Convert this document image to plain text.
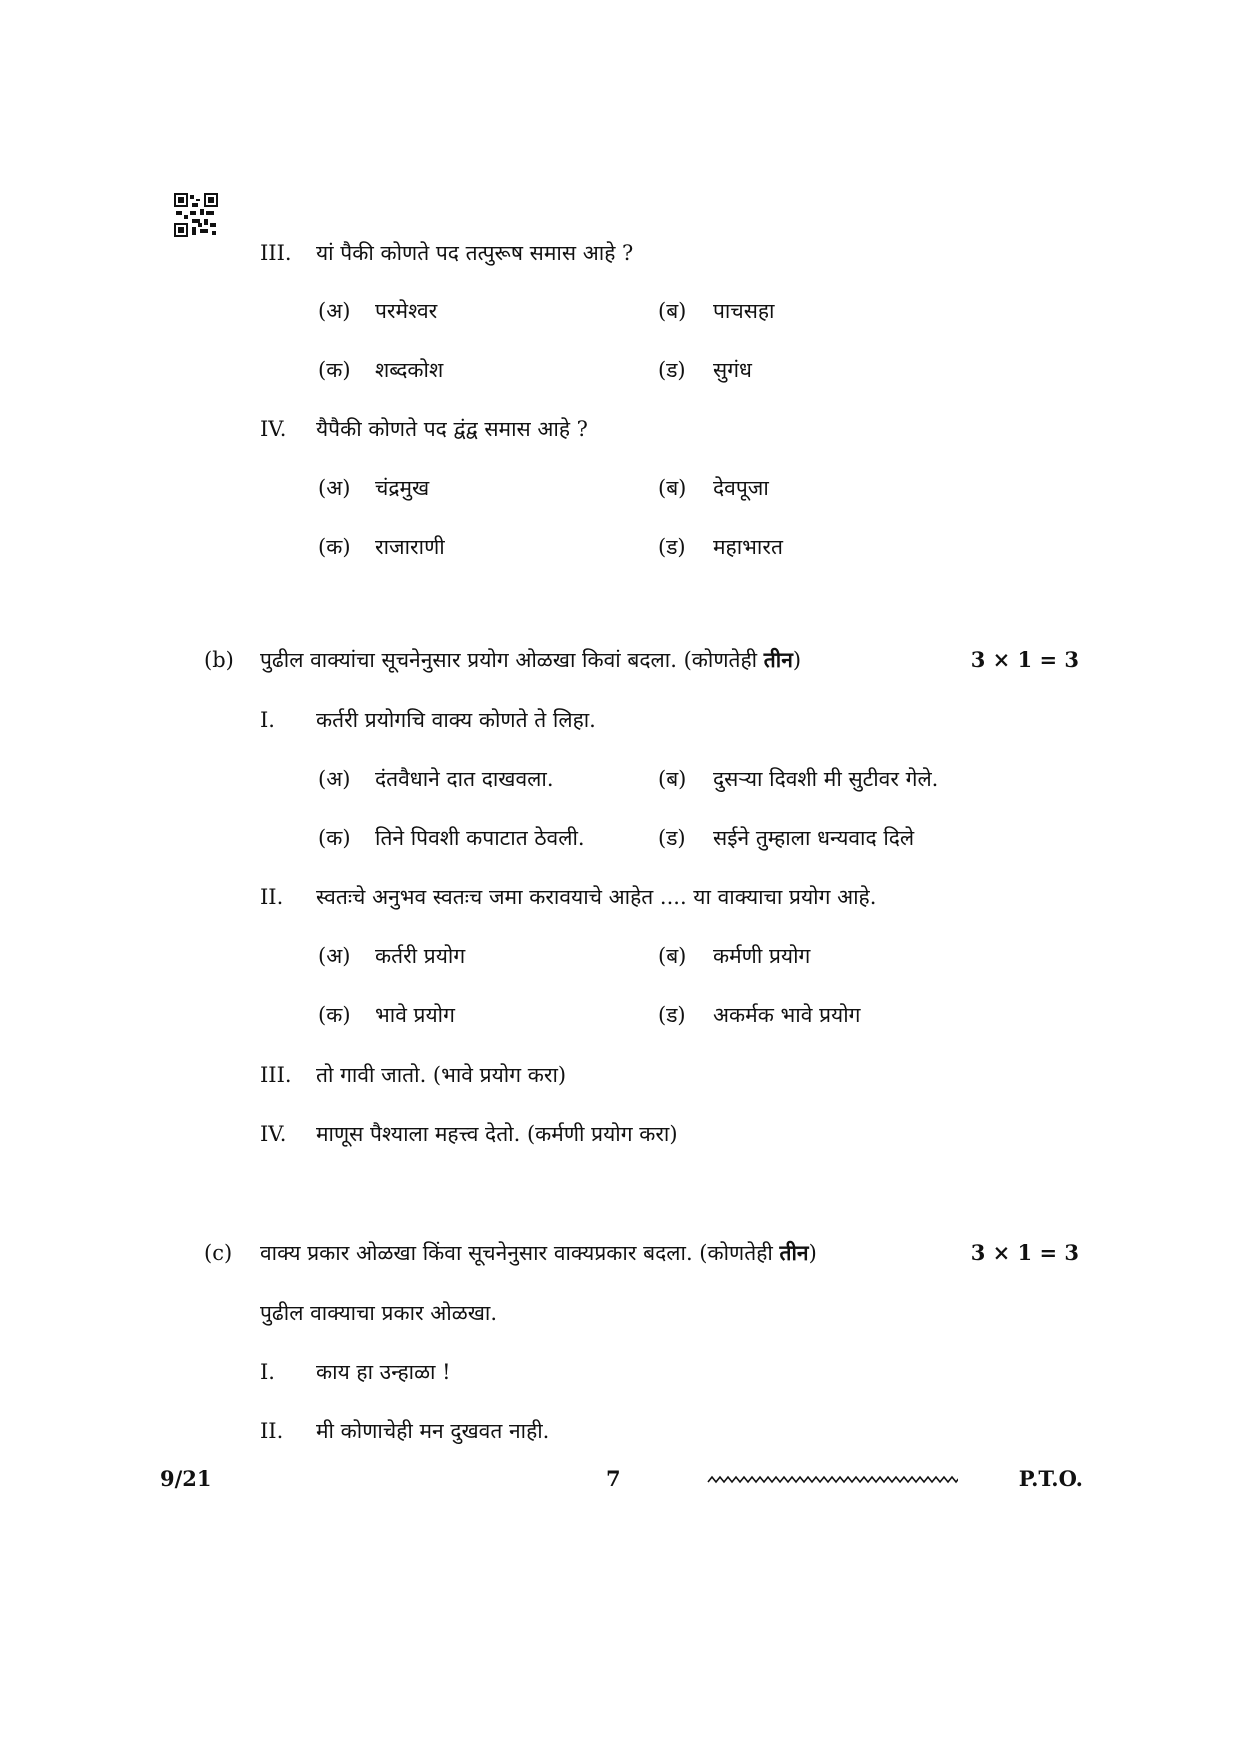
III. यां पैकी कोणते पद तत्पुरूष समास आहे ?
(अ) परमेश्वर	(ब) पाचसहा
(क) शब्दकोश	(ड) सुगंध
IV. यैपैकी कोणते पद द्वंद्व समास आहे ?
(अ) चंद्रमुख	(ब) देवपूजा
(क) राजाराणी	(ड) महाभारत
(b) पुढील वाक्यांचा सूचनेनुसार प्रयोग ओळखा किवां बदला. (कोणतेही तीन)	3 × 1 = 3
I. कर्तरी प्रयोगचि वाक्य कोणते ते लिहा.
(अ) दंतवैधाने दात दाखवला.	(ब) दुसऱ्या दिवशी मी सुटीवर गेले.
(क) तिने पिवशी कपाटात ठेवली.	(ड) सईने तुम्हाला धन्यवाद दिले
II. स्वतःचे अनुभव स्वतःच जमा करावयाचे आहेत .... या वाक्याचा प्रयोग आहे.
(अ) कर्तरी प्रयोग	(ब) कर्मणी प्रयोग
(क) भावे प्रयोग	(ड) अकर्मक भावे प्रयोग
III. तो गावी जातो. (भावे प्रयोग करा)
IV. माणूस पैश्याला महत्त्व देतो. (कर्मणी प्रयोग करा)
(c) वाक्य प्रकार ओळखा किंवा सूचनेनुसार वाक्यप्रकार बदला. (कोणतेही तीन)	3 × 1 = 3
पुढील वाक्याचा प्रकार ओळखा.
I. काय हा उन्हाळा !
II. मी कोणाचेही मन दुखवत नाही.
9/21	7	P.T.O.
